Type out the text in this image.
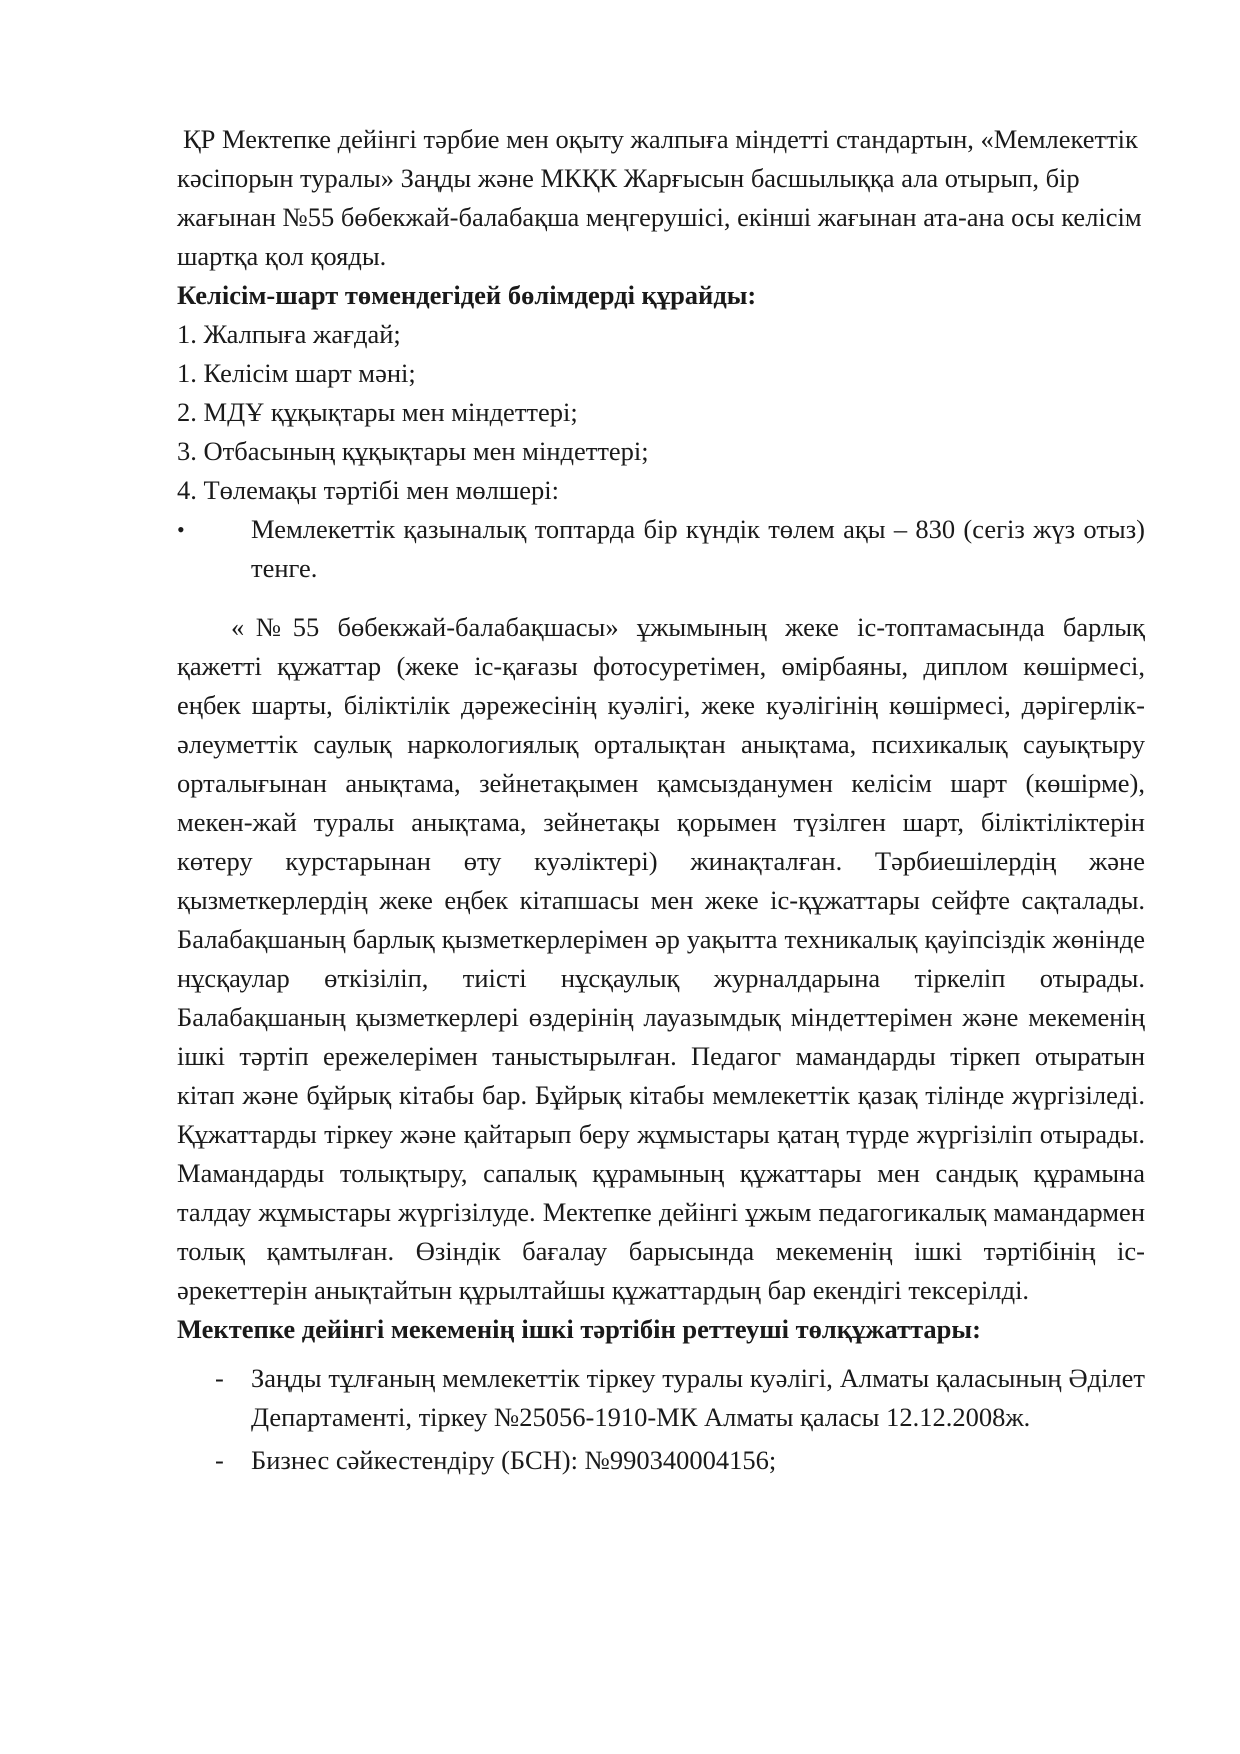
ҚР Мектепке дейінгі тәрбие мен оқыту жалпыға міндетті стандартын, «Мемлекеттік кәсіпорын туралы» Заңды және МКҚК Жарғысын басшылыққа ала отырып, бір жағынан №55 бөбекжай-балабақша меңгерушісі, екінші жағынан ата-ана осы келісім шартқа қол қояды.

Келісім-шарт төмендегідей бөлімдерді құрайды:

1. Жалпыға жағдай;

1. Келісім шарт мәні;

2. МДҰ құқықтары мен міндеттері;

3. Отбасының құқықтары мен міндеттері;

4. Төлемақы тәртібі мен мөлшері:

•	Мемлекеттік қазыналық топтарда бір күндік төлем ақы – 830 (сегіз жүз отыз) тенге.

«№55 бөбекжай-балабақшасы» ұжымының жеке іс-топтамасында барлық қажетті құжаттар (жеке іс-қағазы фотосуретімен, өмірбаяны, диплом көшірмесі, еңбек шарты, біліктілік дәрежесінің куәлігі, жеке куәлігінің көшірмесі, дәрігерлік-әлеуметтік саулық наркологиялық орталықтан анықтама, психикалық сауықтыру орталығынан анықтама, зейнетақымен қамсызданумен келісім шарт (көшірме), мекен-жай туралы анықтама, зейнетақы қорымен түзілген шарт, біліктіліктерін көтеру курстарынан өту куәліктері) жинақталған. Тәрбиешілердің және қызметкерлердің жеке еңбек кітапшасы мен жеке іс-құжаттары сейфте сақталады. Балабақшаның барлық қызметкерлерімен әр уақытта техникалық қауіпсіздік жөнінде нұсқаулар өткізіліп, тиісті нұсқаулық журналдарына тіркеліп отырады. Балабақшаның қызметкерлері өздерінің лауазымдық міндеттерімен және мекеменің ішкі тәртіп ережелерімен таныстырылған. Педагог мамандарды тіркеп отыратын кітап және бұйрық кітабы бар. Бұйрық кітабы мемлекеттік қазақ тілінде жүргізіледі. Құжаттарды тіркеу және қайтарып беру жұмыстары қатаң түрде жүргізіліп отырады. Мамандарды толықтыру, сапалық құрамының құжаттары мен сандық құрамына талдау жұмыстары жүргізілуде. Мектепке дейінгі ұжым педагогикалық мамандармен толық қамтылған. Өзіндік бағалау барысында мекеменің ішкі тәртібінің іс-әрекеттерін анықтайтын құрылтайшы құжаттардың бар екендігі тексерілді.

Мектепке дейінгі мекеменің ішкі тәртібін реттеуші төлқұжаттары:

-	Заңды тұлғаның мемлекеттік тіркеу туралы куәлігі, Алматы қаласының Әділет Департаменті, тіркеу №25056-1910-МК Алматы қаласы 12.12.2008ж.
-	Бизнес сәйкестендіру (БСН): №990340004156;
